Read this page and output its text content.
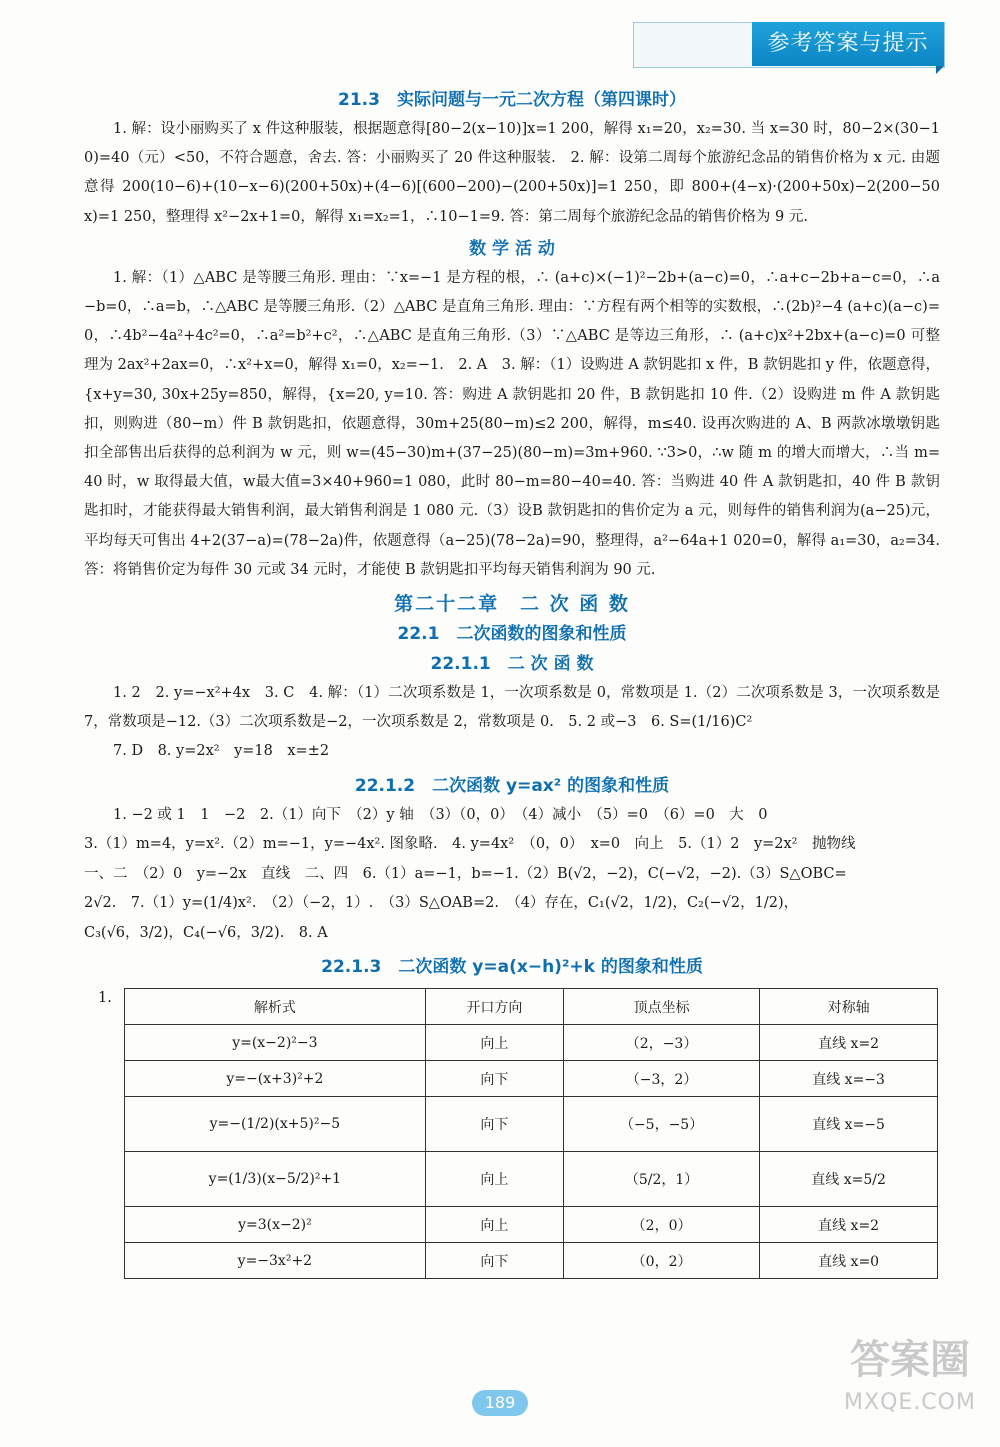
参考答案与提示
21.3　实际问题与一元二次方程（第四课时）

1. 解：设小丽购买了 x 件这种服装，根据题意得[80−2(x−10)]x=1 200，解得 x₁=20，x₂=30. 当 x=30 时，80−2×(30−10)=40（元）<50，不符合题意，舍去. 答：小丽购买了 20 件这种服装.　2. 解：设第二周每个旅游纪念品的销售价格为 x 元. 由题意得 200(10−6)+(10−x−6)(200+50x)+(4−6)[(600−200)−(200+50x)]=1 250，即 800+(4−x)·(200+50x)−2(200−50x)=1 250，整理得 x²−2x+1=0，解得 x₁=x₂=1，∴10−1=9. 答：第二周每个旅游纪念品的销售价格为 9 元.

数 学 活 动

1. 解：（1）△ABC 是等腰三角形. 理由：∵x=−1 是方程的根，∴ (a+c)×(−1)²−2b+(a−c)=0，∴a+c−2b+a−c=0，∴a−b=0，∴a=b，∴△ABC 是等腰三角形.（2）△ABC 是直角三角形. 理由：∵方程有两个相等的实数根，∴(2b)²−4 (a+c)(a−c)=0，∴4b²−4a²+4c²=0，∴a²=b²+c²，∴△ABC 是直角三角形.（3）∵△ABC 是等边三角形，∴ (a+c)x²+2bx+(a−c)=0 可整理为 2ax²+2ax=0，∴x²+x=0，解得 x₁=0，x₂=−1.　2. A　3. 解：（1）设购进 A 款钥匙扣 x 件，B 款钥匙扣 y 件，依题意得，{x+y=30, 30x+25y=850，解得，{x=20, y=10. 答：购进 A 款钥匙扣 20 件，B 款钥匙扣 10 件.（2）设购进 m 件 A 款钥匙扣，则购进（80−m）件 B 款钥匙扣，依题意得，30m+25(80−m)≤2 200，解得，m≤40. 设再次购进的 A、B 两款冰墩墩钥匙扣全部售出后获得的总利润为 w 元，则 w=(45−30)m+(37−25)(80−m)=3m+960. ∵3>0，∴w 随 m 的增大而增大，∴当 m=40 时，w 取得最大值，w最大值=3×40+960=1 080，此时 80−m=80−40=40. 答：当购进 40 件 A 款钥匙扣，40 件 B 款钥匙扣时，才能获得最大销售利润，最大销售利润是 1 080 元.（3）设B 款钥匙扣的售价定为 a 元，则每件的销售利润为(a−25)元，平均每天可售出 4+2(37−a)=(78−2a)件，依题意得（a−25)(78−2a)=90，整理得，a²−64a+1 020=0，解得 a₁=30，a₂=34. 答：将销售价定为每件 30 元或 34 元时，才能使 B 款钥匙扣平均每天销售利润为 90 元.

第二十二章　二 次 函 数
22.1　二次函数的图象和性质
22.1.1　二 次 函 数

1. 2　2. y=−x²+4x　3. C　4. 解：（1）二次项系数是 1，一次项系数是 0，常数项是 1.（2）二次项系数是 3，一次项系数是 7，常数项是−12.（3）二次项系数是−2，一次项系数是 2，常数项是 0.　5. 2 或−3　6. S=(1/16)C²

7. D　8. y=2x²　y=18　x=±2

22.1.2　二次函数 y=ax² 的图象和性质

1. −2 或 1　1　−2　2.（1）向下　（2）y 轴　（3）（0，0）　（4）减小　（5）=0　（6）=0　大　0

3.（1）m=4，y=x².（2）m=−1，y=−4x². 图象略.　4. y=4x²　（0，0）　x=0　向上　5.（1）2　y=2x²　抛物线

一、二　（2）0　y=−2x　直线　二、四　6.（1）a=−1，b=−1.（2）B(√2，−2)，C(−√2，−2).（3）S△OBC=

2√2.　7.（1）y=(1/4)x².　（2）（−2，1）.　（3）S△OAB=2.　（4）存在，C₁(√2，1/2)，C₂(−√2，1/2)，

C₃(√6，3/2)，C₄(−√6，3/2).　8. A

22.1.3　二次函数 y=a(x−h)²+k 的图象和性质
1.
解析式	开口方向	顶点坐标	对称轴
y=(x−2)²−3	向上	（2，−3）	直线 x=2
y=−(x+3)²+2	向下	（−3，2）	直线 x=−3
y=−(1/2)(x+5)²−5	向下	（−5，−5）	直线 x=−5
y=(1/3)(x−5/2)²+1	向上	（5/2，1）	直线 x=5/2
y=3(x−2)²	向上	（2，0）	直线 x=2
y=−3x²+2	向下	（0，2）	直线 x=0
189
答案圈
MXQE.COM
